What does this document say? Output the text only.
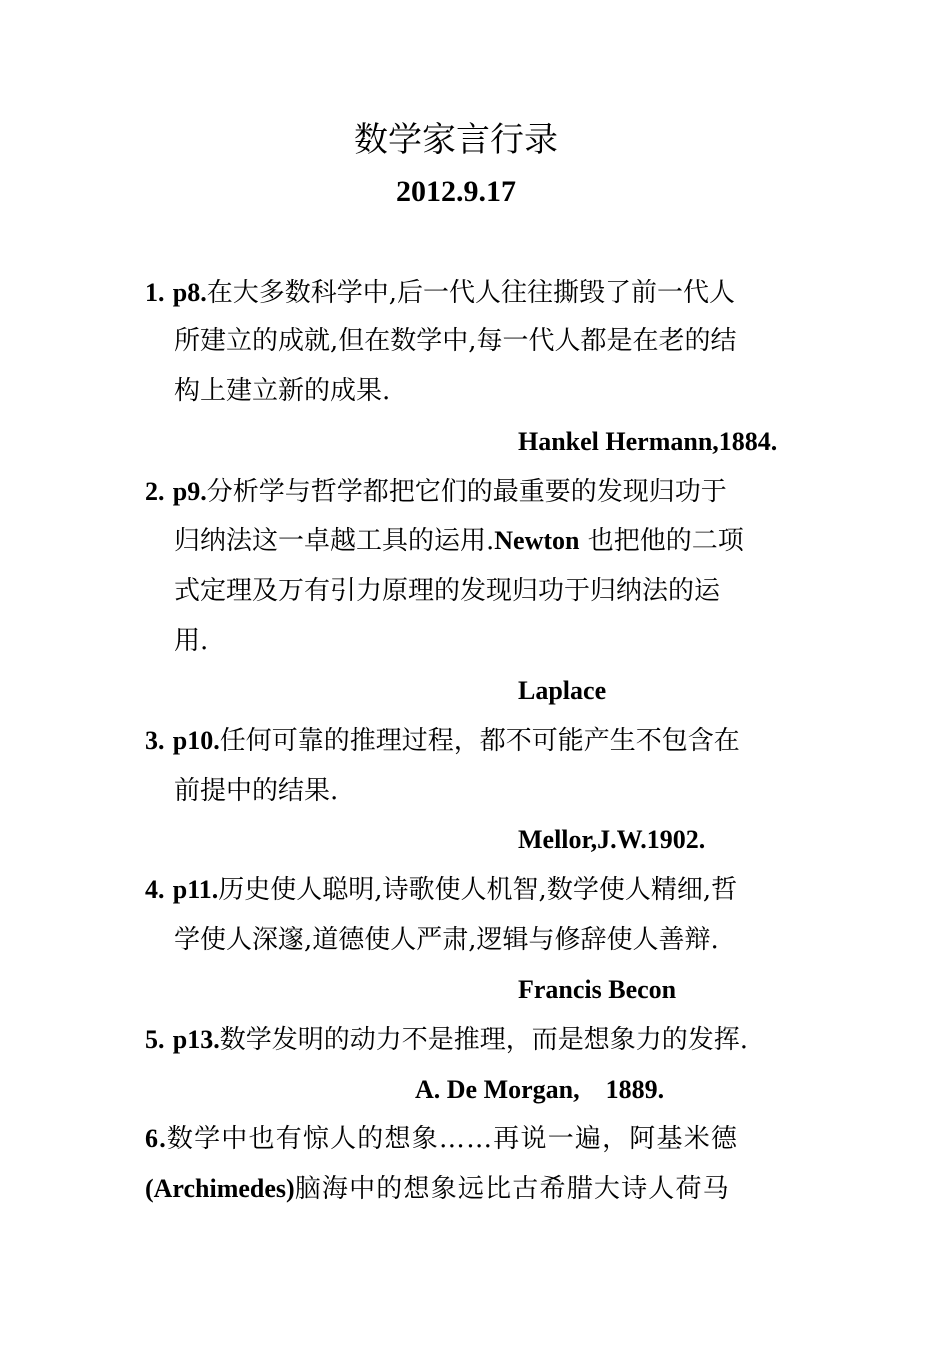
数学家言行录
2012.9.17
1. p8.在大多数科学中,后一代人往往撕毁了前一代人
所建立的成就,但在数学中,每一代人都是在老的结
构上建立新的成果.
Hankel Hermann,1884.
2. p9.分析学与哲学都把它们的最重要的发现归功于
归纳法这一卓越工具的运用.Newton 也把他的二项
式定理及万有引力原理的发现归功于归纳法的运
用.
Laplace
3. p10.任何可靠的推理过程，都不可能产生不包含在
前提中的结果.
Mellor,J.W.1902.
4. p11.历史使人聪明,诗歌使人机智,数学使人精细,哲
学使人深邃,道德使人严肃,逻辑与修辞使人善辩.
Francis Becon
5. p13.数学发明的动力不是推理，而是想象力的发挥.
A. De Morgan,    1889.
6.数学中也有惊人的想象……再说一遍，阿基米德
(Archimedes)脑海中的想象远比古希腊大诗人荷马
